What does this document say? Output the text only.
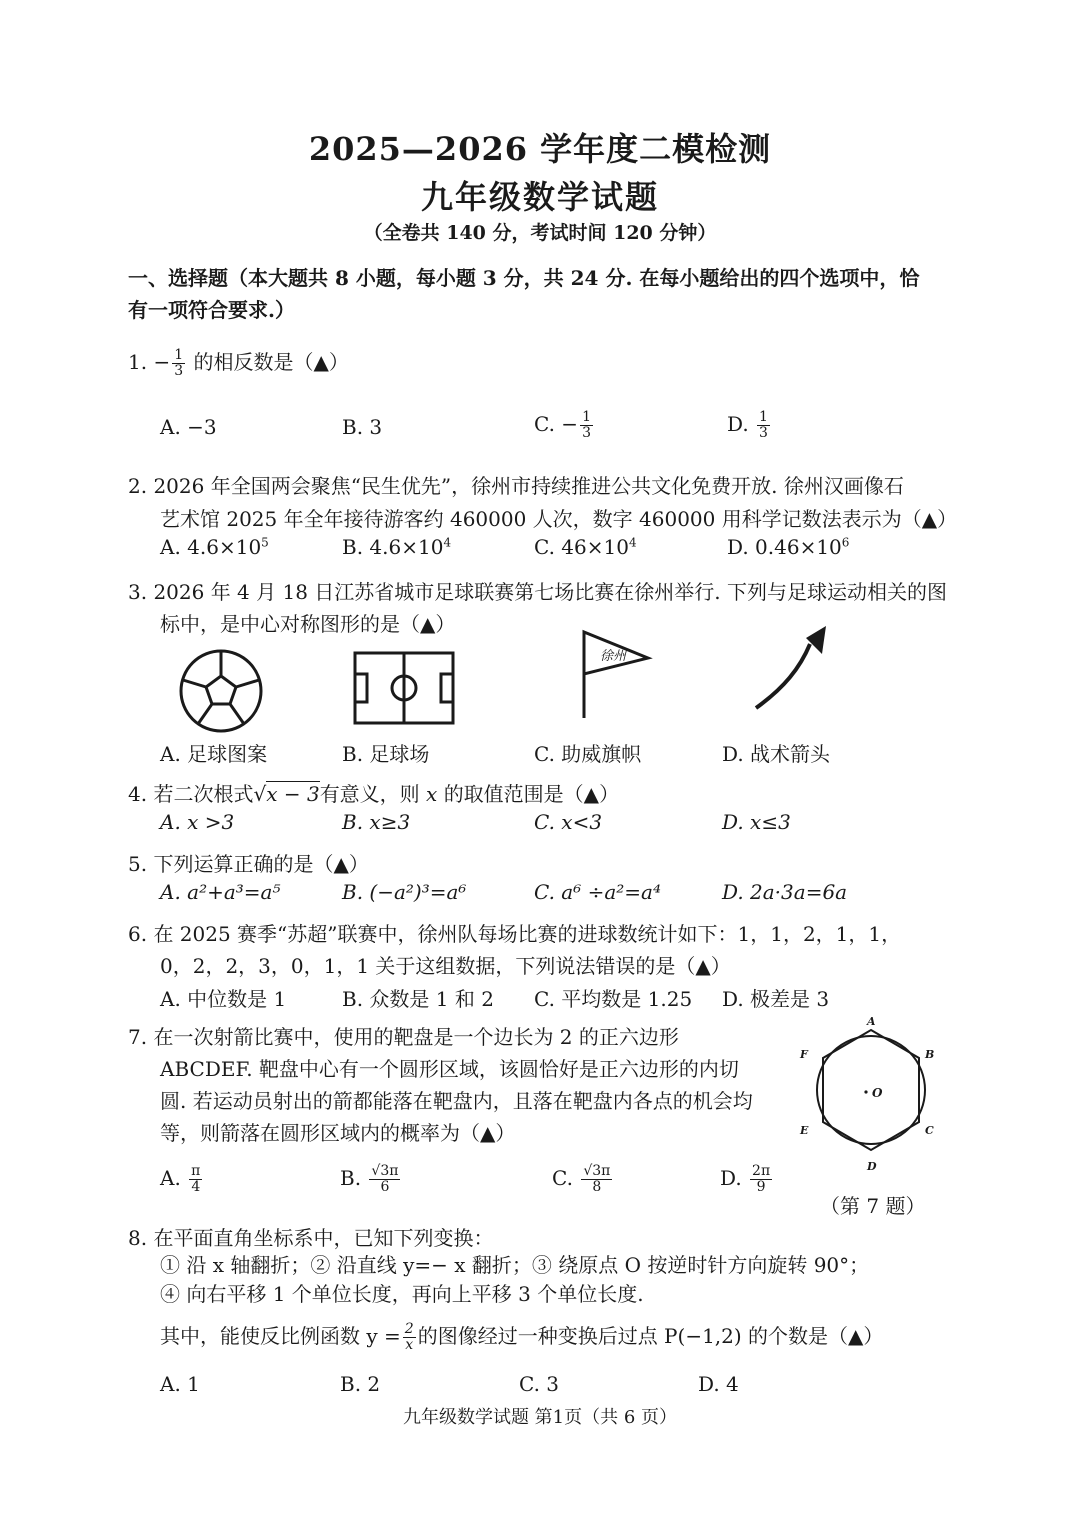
2025—2026 学年度二模检测
九年级数学试题
（全卷共 140 分，考试时间 120 分钟）
一、选择题（本大题共 8 小题，每小题 3 分，共 24 分. 在每小题给出的四个选项中，恰
有一项符合要求.）
1. − $\frac{1}{3}$ 的相反数是（▲）
A. −3	B. 3	C. − $\frac{1}{3}$	D. $\frac{1}{3}$
2. 2026 年全国两会聚焦“民生优先”，徐州市持续推进公共文化免费开放. 徐州汉画像石
艺术馆 2025 年全年接待游客约 460000 人次，数字 460000 用科学记数法表示为（▲）
A. $4.6\times 10^5$	B. $4.6\times 10^4$	C. $46\times 10^4$	D. $0.46\times 10^6$
3. 2026 年 4 月 18 日江苏省城市足球联赛第七场比赛在徐州举行. 下列与足球运动相关的图
标中，是中心对称图形的是（▲）
徐州
A. 足球图案	B. 足球场	C. 助威旗帜	D. 战术箭头
4. 若二次根式√x − 3有意义，则 x 的取值范围是（▲）
A. x >3	B. x≥3	C. x<3	D. x≤3
5. 下列运算正确的是（▲）
A. a²+a³=a⁵	B. (−a²)³=a⁶	C. a⁶ ÷a²=a⁴	D. 2a·3a=6a
6. 在 2025 赛季“苏超”联赛中，徐州队每场比赛的进球数统计如下：1，1，2，1，1，
0，2，2，3，0，1，1 关于这组数据，下列说法错误的是（▲）
A. 中位数是 1	B. 众数是 1 和 2 C. 平均数是 1.25 D. 极差是 3
7. 在一次射箭比赛中，使用的靶盘是一个边长为 2 的正六边形
ABCDEF. 靶盘中心有一个圆形区域，该圆恰好是正六边形的内切
圆. 若运动员射出的箭都能落在靶盘内，且落在靶盘内各点的机会均
等，则箭落在圆形区域内的概率为（▲）
A. $\frac{\pi}{4}$	B. $\frac{√3\pi}{6}$	C. $\frac{√3\pi}{8}$	D. $\frac{2\pi}{9}$
O
A
B
C
D
E
F
（第 7 题）
8. 在平面直角坐标系中，已知下列变换：
① 沿 x 轴翻折；② 沿直线 y=− x 翻折；③ 绕原点 O 按逆时针方向旋转 90°；
④ 向右平移 1 个单位长度，再向上平移 3 个单位长度.
其中，能使反比例函数 $y = \frac{2}{x}$ 的图像经过一种变换后过点 P(−1,2) 的个数是（▲）
A. 1	B. 2	C. 3	D. 4
九年级数学试题 第1页（共 6 页）
